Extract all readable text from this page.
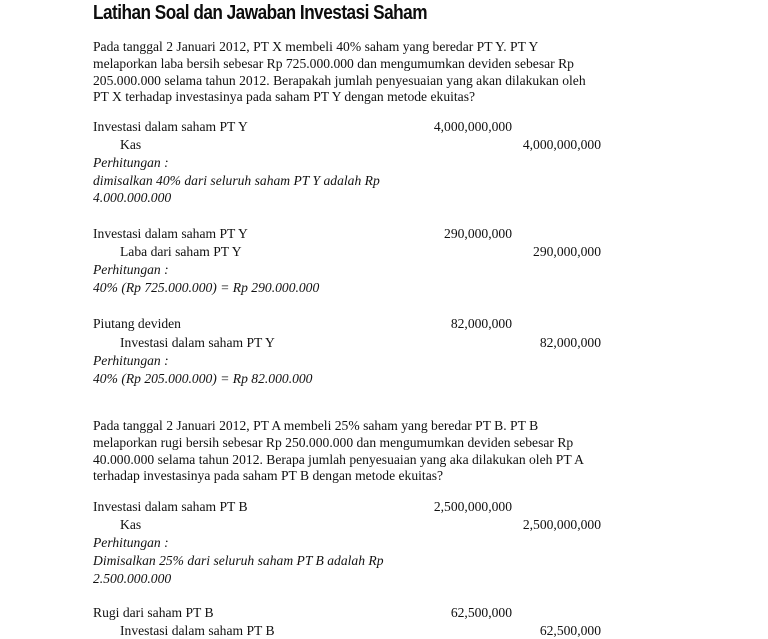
Latihan Soal dan Jawaban Investasi Saham
Pada tanggal 2 Januari 2012, PT X membeli 40% saham yang beredar PT Y. PT Y
melaporkan laba bersih sebesar Rp 725.000.000 dan mengumumkan deviden sebesar Rp
205.000.000 selama tahun 2012. Berapakah jumlah penyesuaian yang akan dilakukan oleh
PT X terhadap investasinya pada saham PT Y dengan metode ekuitas?
Investasi dalam saham PT Y	4,000,000,000
Kas	4,000,000,000
Perhitungan :
dimisalkan 40% dari seluruh saham PT Y adalah Rp
4.000.000.000
Investasi dalam saham PT Y	290,000,000
Laba dari saham PT Y	290,000,000
Perhitungan :
40% (Rp 725.000.000) = Rp 290.000.000
Piutang deviden	82,000,000
Investasi dalam saham PT Y	82,000,000
Perhitungan :
40% (Rp 205.000.000) = Rp 82.000.000
Pada tanggal 2 Januari 2012, PT A membeli 25% saham yang beredar PT B. PT B
melaporkan rugi bersih sebesar Rp 250.000.000 dan mengumumkan deviden sebesar Rp
40.000.000 selama tahun 2012. Berapa jumlah penyesuaian yang aka dilakukan oleh PT A
terhadap investasinya pada saham PT B dengan metode ekuitas?
Investasi dalam saham PT B	2,500,000,000
Kas	2,500,000,000
Perhitungan :
Dimisalkan 25% dari seluruh saham PT B adalah Rp
2.500.000.000
Rugi dari saham PT B	62,500,000
Investasi dalam saham PT B	62,500,000
